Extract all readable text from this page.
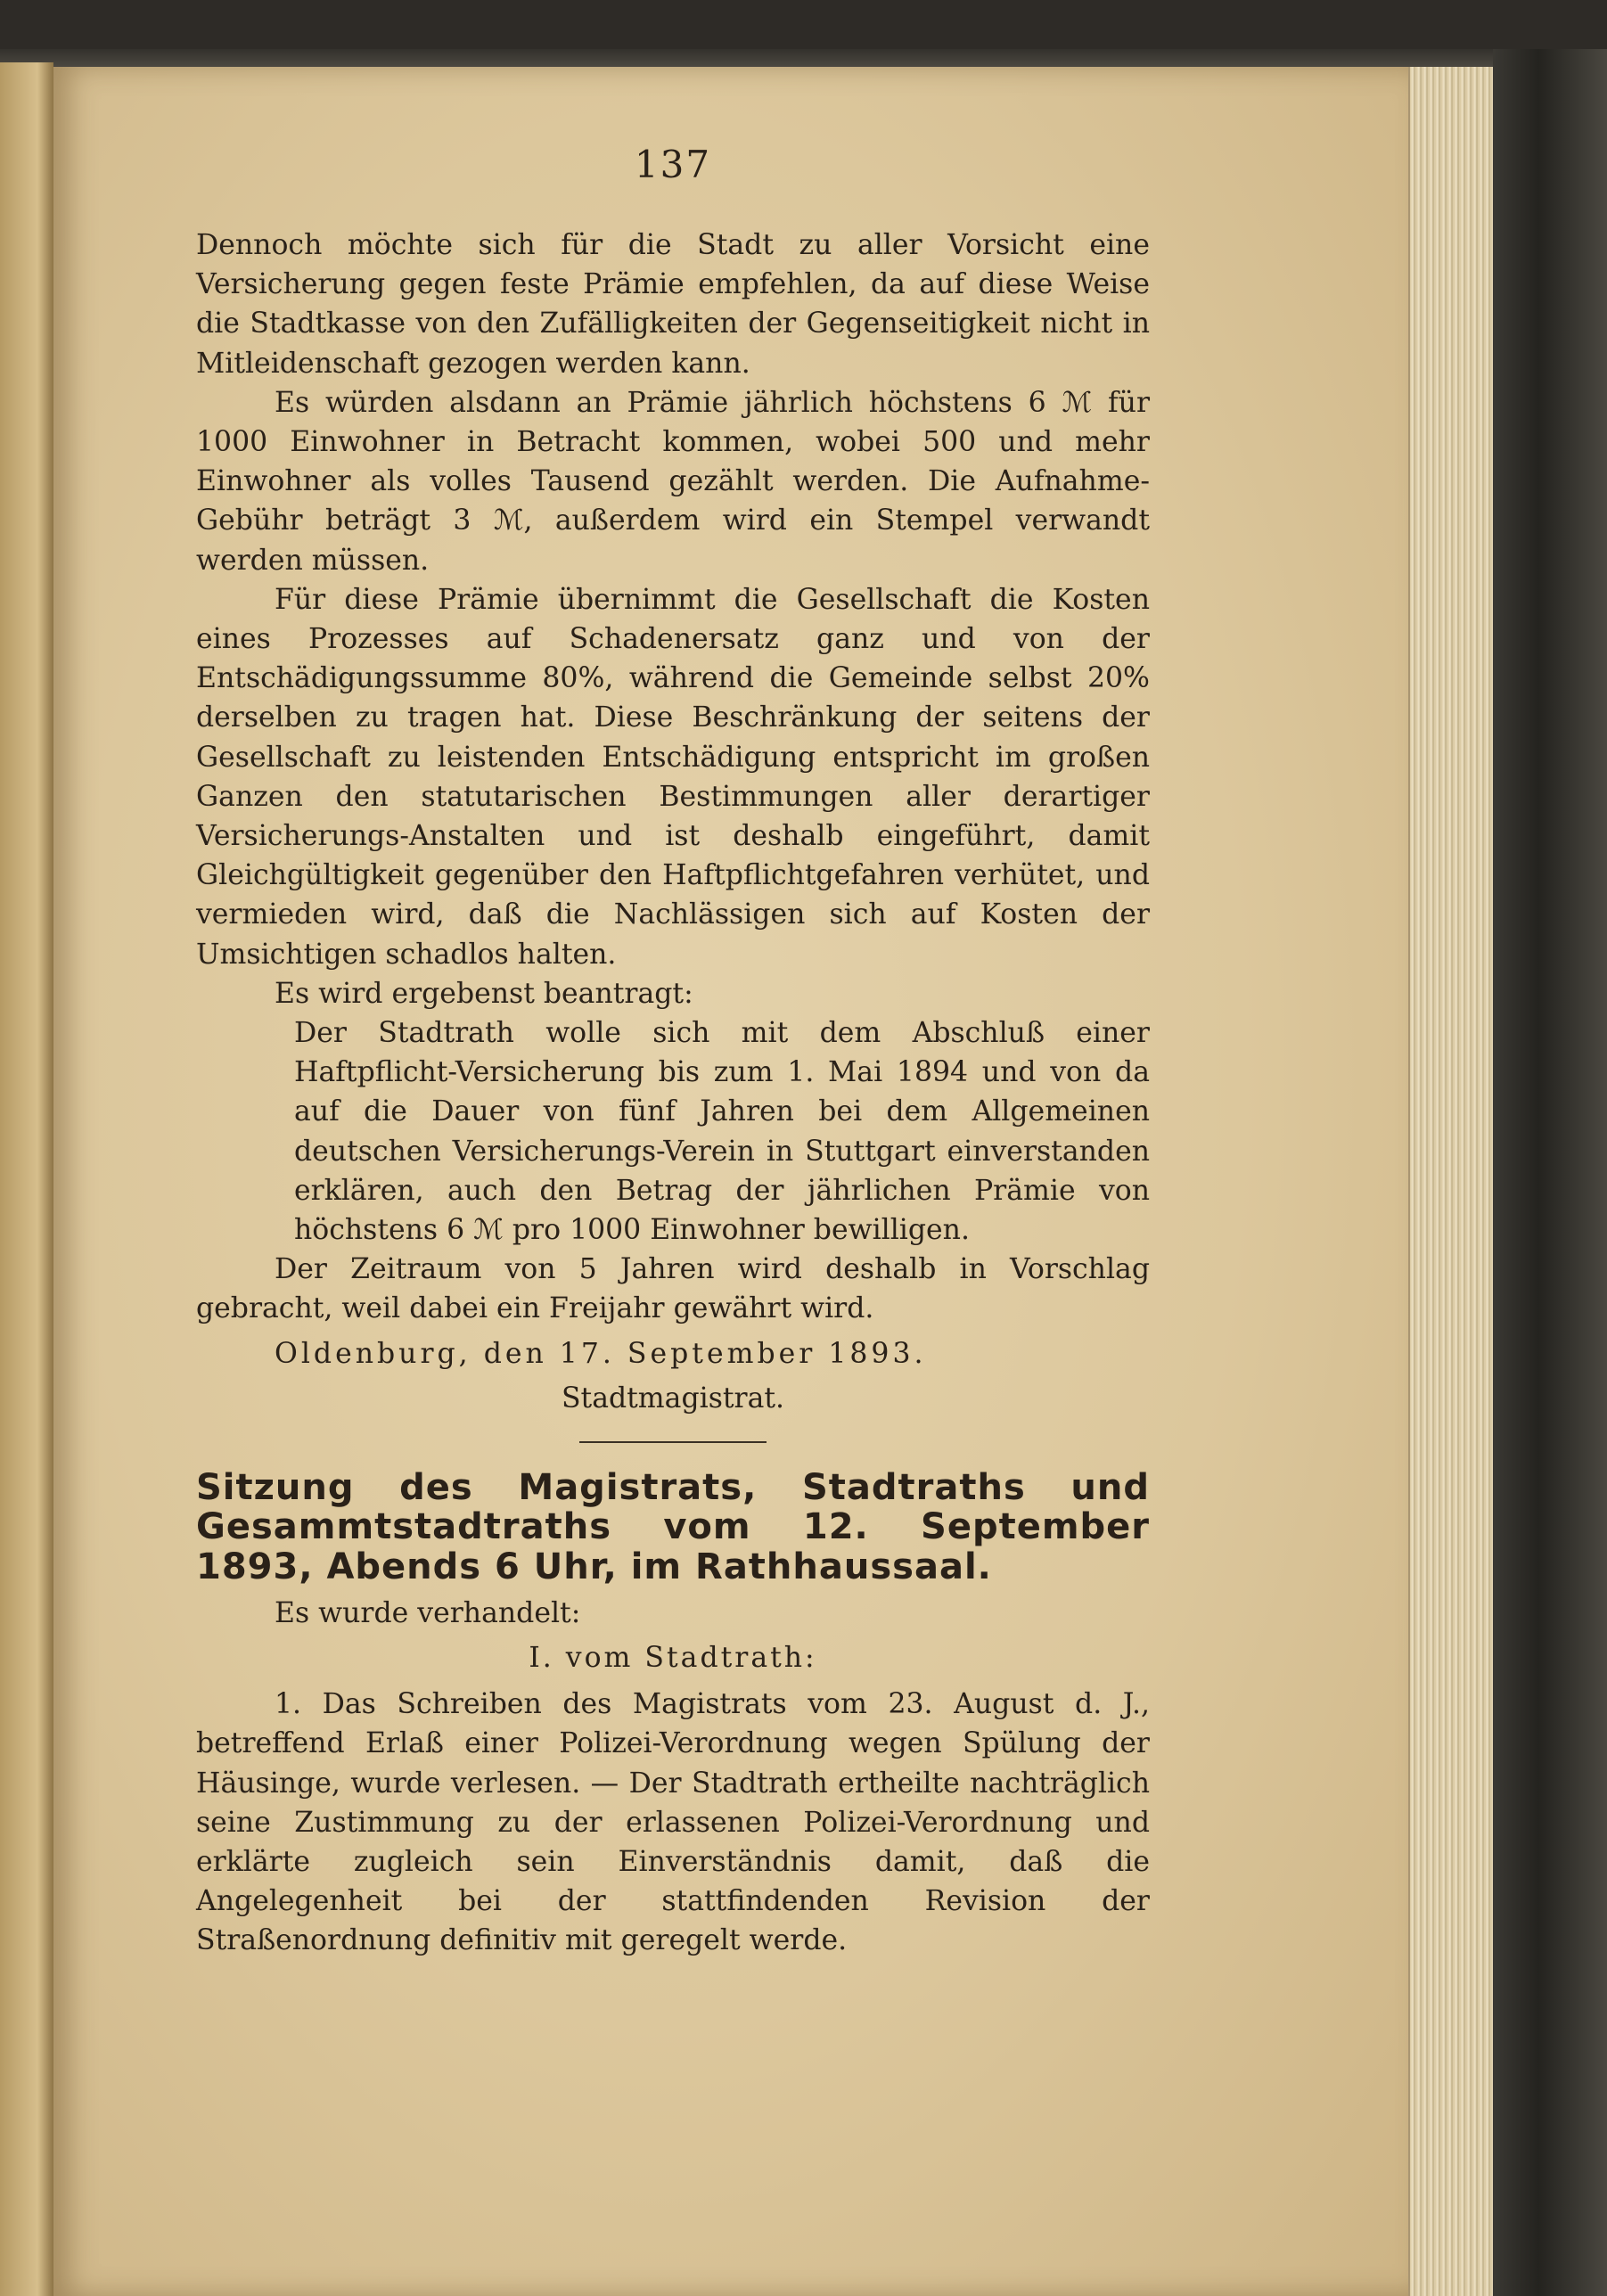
137

Dennoch möchte sich für die Stadt zu aller Vorsicht eine Versicherung gegen feste Prämie empfehlen, da auf diese Weise die Stadtkasse von den Zufälligkeiten der Gegenseitigkeit nicht in Mitleidenschaft gezogen werden kann.

Es würden alsdann an Prämie jährlich höchstens 6 ℳ für 1000 Einwohner in Betracht kommen, wobei 500 und mehr Einwohner als volles Tausend gezählt werden. Die Aufnahme-Gebühr beträgt 3 ℳ, außerdem wird ein Stempel verwandt werden müssen.

Für diese Prämie übernimmt die Gesellschaft die Kosten eines Prozesses auf Schadenersatz ganz und von der Entschädigungssumme 80%, während die Gemeinde selbst 20% derselben zu tragen hat. Diese Beschränkung der seitens der Gesellschaft zu leistenden Entschädigung entspricht im großen Ganzen den statutarischen Bestimmungen aller derartiger Versicherungs-Anstalten und ist deshalb eingeführt, damit Gleichgültigkeit gegenüber den Haftpflichtgefahren verhütet, und vermieden wird, daß die Nachlässigen sich auf Kosten der Umsichtigen schadlos halten.

Es wird ergebenst beantragt:

Der Stadtrath wolle sich mit dem Abschluß einer Haftpflicht-Versicherung bis zum 1. Mai 1894 und von da auf die Dauer von fünf Jahren bei dem Allgemeinen deutschen Versicherungs-Verein in Stuttgart einverstanden erklären, auch den Betrag der jährlichen Prämie von höchstens 6 ℳ pro 1000 Einwohner bewilligen.

Der Zeitraum von 5 Jahren wird deshalb in Vorschlag gebracht, weil dabei ein Freijahr gewährt wird.

Oldenburg, den 17. September 1893.

Stadtmagistrat.

Sitzung des Magistrats, Stadtraths und Gesammtstadtraths vom 12. September 1893, Abends 6 Uhr, im Rathhaussaal.

Es wurde verhandelt:

I. vom Stadtrath:

1. Das Schreiben des Magistrats vom 23. August d. J., betreffend Erlaß einer Polizei-Verordnung wegen Spülung der Häusinge, wurde verlesen. — Der Stadtrath ertheilte nachträglich seine Zustimmung zu der erlassenen Polizei-Verordnung und erklärte zugleich sein Einverständnis damit, daß die Angelegenheit bei der stattfindenden Revision der Straßenordnung definitiv mit geregelt werde.
